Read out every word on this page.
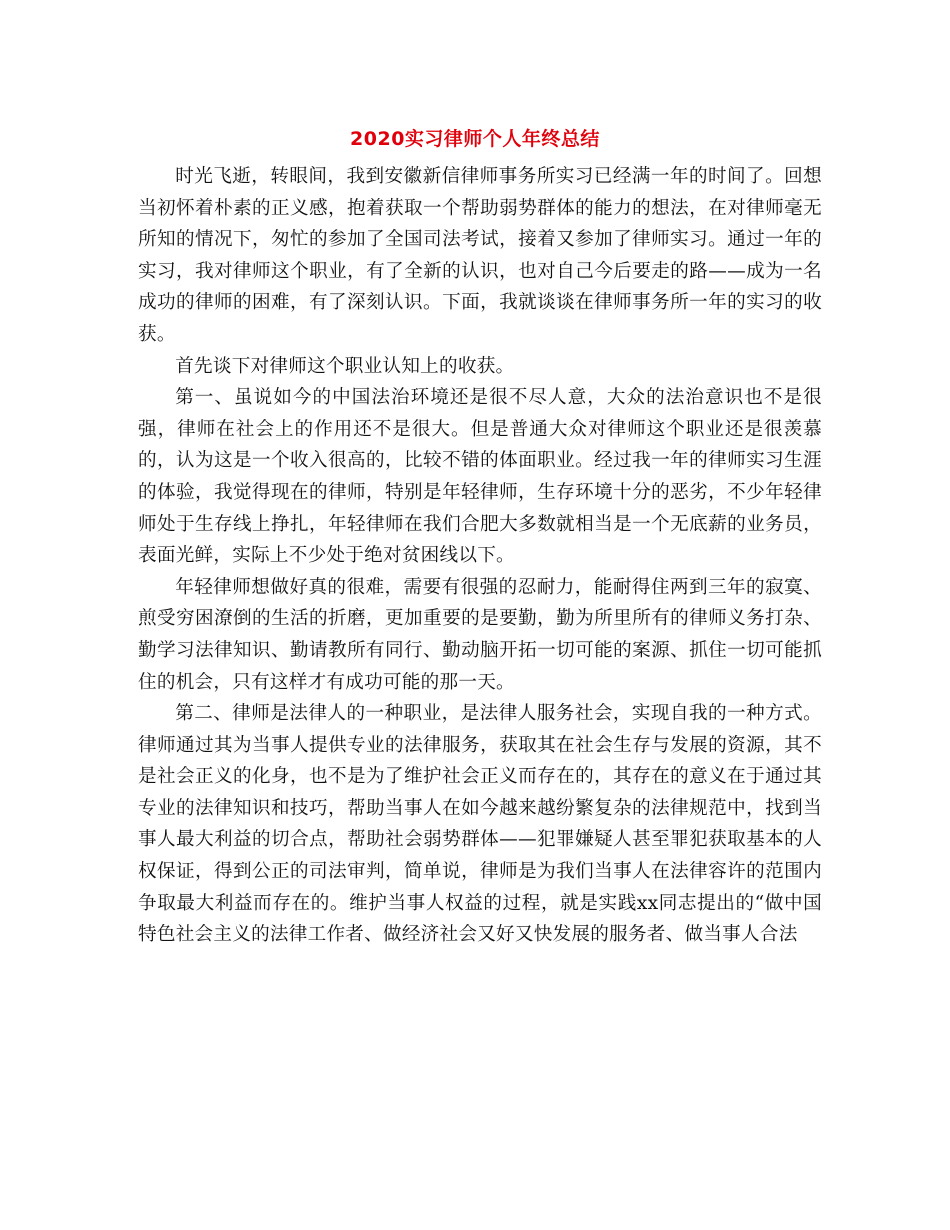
2020实习律师个人年终总结

时光飞逝，转眼间，我到安徽新信律师事务所实习已经满一年的时间了。回想当初怀着朴素的正义感，抱着获取一个帮助弱势群体的能力的想法，在对律师毫无所知的情况下，匆忙的参加了全国司法考试，接着又参加了律师实习。通过一年的实习，我对律师这个职业，有了全新的认识，也对自己今后要走的路——成为一名成功的律师的困难，有了深刻认识。下面，我就谈谈在律师事务所一年的实习的收获。

首先谈下对律师这个职业认知上的收获。

第一、虽说如今的中国法治环境还是很不尽人意，大众的法治意识也不是很强，律师在社会上的作用还不是很大。但是普通大众对律师这个职业还是很羡慕的，认为这是一个收入很高的，比较不错的体面职业。经过我一年的律师实习生涯的体验，我觉得现在的律师，特别是年轻律师，生存环境十分的恶劣，不少年轻律师处于生存线上挣扎，年轻律师在我们合肥大多数就相当是一个无底薪的业务员，表面光鲜，实际上不少处于绝对贫困线以下。

年轻律师想做好真的很难，需要有很强的忍耐力，能耐得住两到三年的寂寞、煎受穷困潦倒的生活的折磨，更加重要的是要勤，勤为所里所有的律师义务打杂、勤学习法律知识、勤请教所有同行、勤动脑开拓一切可能的案源、抓住一切可能抓住的机会，只有这样才有成功可能的那一天。

第二、律师是法律人的一种职业，是法律人服务社会，实现自我的一种方式。律师通过其为当事人提供专业的法律服务，获取其在社会生存与发展的资源，其不是社会正义的化身，也不是为了维护社会正义而存在的，其存在的意义在于通过其专业的法律知识和技巧，帮助当事人在如今越来越纷繁复杂的法律规范中，找到当事人最大利益的切合点，帮助社会弱势群体——犯罪嫌疑人甚至罪犯获取基本的人权保证，得到公正的司法审判，简单说，律师是为我们当事人在法律容许的范围内争取最大利益而存在的。维护当事人权益的过程，就是实践xx同志提出的“做中国特色社会主义的法律工作者、做经济社会又好又快发展的服务者、做当事人合法
